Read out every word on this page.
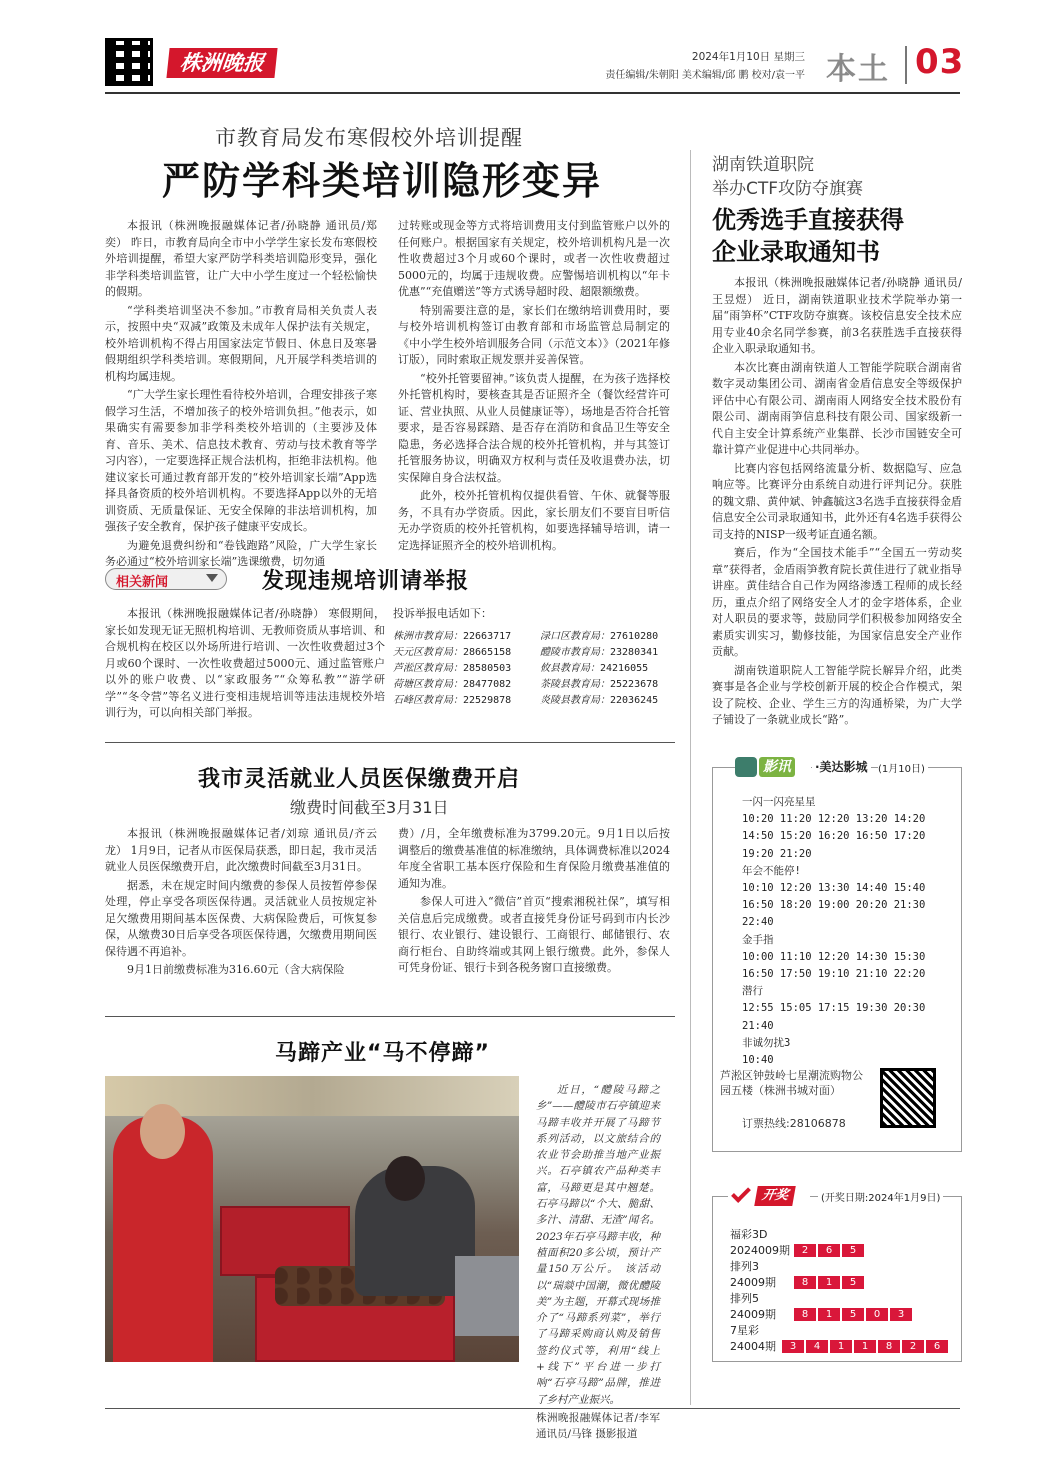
株洲晚报	2024年1月10日 星期三
责任编辑/朱朝阳 美术编辑/邱 鹏 校对/袁一平 本土 03
市教育局发布寒假校外培训提醒
严防学科类培训隐形变异

本报讯（株洲晚报融媒体记者/孙晓静 通讯员/郑奕） 昨日，市教育局向全市中小学学生家长发布寒假校外培训提醒，希望大家严防学科类培训隐形变异，强化非学科类培训监管，让广大中小学生度过一个轻松愉快的假期。

“学科类培训坚决不参加。”市教育局相关负责人表示，按照中央“双减”政策及未成年人保护法有关规定，校外培训机构不得占用国家法定节假日、休息日及寒暑假期组织学科类培训。寒假期间，凡开展学科类培训的机构均属违规。

“广大学生家长理性看待校外培训，合理安排孩子寒假学习生活，不增加孩子的校外培训负担。”他表示，如果确实有需要参加非学科类校外培训的（主要涉及体育、音乐、美术、信息技术教育、劳动与技术教育等学习内容），一定要选择正规合法机构，拒绝非法机构。他建议家长可通过教育部开发的“校外培训家长端”App选择具备资质的校外培训机构。不要选择App以外的无培训资质、无质量保证、无安全保障的非法培训机构，加强孩子安全教育，保护孩子健康平安成长。

为避免退费纠纷和“卷钱跑路”风险，广大学生家长务必通过“校外培训家长端”选课缴费，切勿通

过转账或现金等方式将培训费用支付到监管账户以外的任何账户。根据国家有关规定，校外培训机构凡是一次性收费超过3个月或60个课时，或者一次性收费超过5000元的，均属于违规收费。应警惕培训机构以“年卡优惠”“充值赠送”等方式诱导超时段、超限额缴费。

特别需要注意的是，家长们在缴纳培训费用时，要与校外培训机构签订由教育部和市场监管总局制定的《中小学生校外培训服务合同（示范文本）》（2021年修订版），同时索取正规发票并妥善保管。

“校外托管要留神。”该负责人提醒，在为孩子选择校外托管机构时，要核查其是否证照齐全（餐饮经营许可证、营业执照、从业人员健康证等），场地是否符合托管要求，是否容易踩踏、是否存在消防和食品卫生等安全隐患，务必选择合法合规的校外托管机构，并与其签订托管服务协议，明确双方权利与责任及收退费办法，切实保障自身合法权益。

此外，校外托管机构仅提供看管、午休、就餐等服务，不具有办学资质。因此，家长朋友们不要盲目听信无办学资质的校外托管机构，如要选择辅导培训，请一定选择证照齐全的校外培训机构。

相关新闻	发现违规培训请举报

本报讯（株洲晚报融媒体记者/孙晓静） 寒假期间，家长如发现无证无照机构培训、无教师资质从事培训、和合规机构在校区以外场所进行培训、一次性收费超过3个月或60个课时、一次性收费超过5000元、通过监管账户以外的账户收费、以“家政服务”“众筹私教”“游学研学”“冬令营”等名义进行变相违规培训等违法违规校外培训行为，可以向相关部门举报。

投诉举报电话如下：
株洲市教育局：22663717	渌口区教育局：27610280
天元区教育局：28665158	醴陵市教育局：23280341
芦淞区教育局：28580503	攸县教育局：24216055
荷塘区教育局：28477082	茶陵县教育局：25223678
石峰区教育局：22529878	炎陵县教育局：22036245
我市灵活就业人员医保缴费开启
缴费时间截至3月31日

本报讯（株洲晚报融媒体记者/刘琼 通讯员/齐云龙） 1月9日，记者从市医保局获悉，即日起，我市灵活就业人员医保缴费开启，此次缴费时间截至3月31日。

据悉，未在规定时间内缴费的参保人员按暂停参保处理，停止享受各项医保待遇。灵活就业人员按规定补足欠缴费用期间基本医保费、大病保险费后，可恢复参保，从缴费30日后享受各项医保待遇，欠缴费用期间医保待遇不再追补。

9月1日前缴费标准为316.60元（含大病保险

费）/月，全年缴费标准为3799.20元。9月1日以后按调整后的缴费基准值的标准缴纳，具体调费标准以2024年度全省职工基本医疗保险和生育保险月缴费基准值的通知为准。

参保人可进入“微信”首页“搜索湘税社保”，填写相关信息后完成缴费。或者直接凭身份证号码到市内长沙银行、农业银行、建设银行、工商银行、邮储银行、农商行柜台、自助终端或其网上银行缴费。此外，参保人可凭身份证、银行卡到各税务窗口直接缴费。

马蹄产业“马不停蹄”

近日，“醴陵马蹄之乡”——醴陵市石亭镇迎来马蹄丰收并开展了马蹄节系列活动，以文旅结合的农业节会助推当地产业振兴。石亭镇农产品种类丰富，马蹄更是其中翘楚。石亭马蹄以“个大、脆甜、多汁、清甜、无渣”闻名。2023年石亭马蹄丰收，种植面积20多公顷，预计产量150万公斤。 该活动以“瑞燚中国潮，微优醴陵美”为主题，开幕式现场推介了“马蹄系列菜”，举行了马蹄采购商认购及销售签约仪式等，利用“线上+线下”平台进一步打响“石亭马蹄”品牌，推进了乡村产业振兴。

株洲晚报融媒体记者/李军 通讯员/马锋 摄影报道

湖南铁道职院
举办CTF攻防夺旗赛
优秀选手直接获得
企业录取通知书

本报讯（株洲晚报融媒体记者/孙晓静 通讯员/王昱煜） 近日，湖南铁道职业技术学院举办第一届“雨笋杯”CTF攻防夺旗赛。该校信息安全技术应用专业40余名同学参赛，前3名获胜选手直接获得企业入职录取通知书。

本次比赛由湖南铁道人工智能学院联合湖南省数字灵动集团公司、湖南省金盾信息安全等级保护评估中心有限公司、湖南雨人网络安全技术股份有限公司、湖南雨笋信息科技有限公司、国家级新一代自主安全计算系统产业集群、长沙市国链安全可靠计算产业促进中心共同举办。

比赛内容包括网络流量分析、数据隐写、应急响应等。比赛评分由系统自动进行评判记分。获胜的魏文鼎、黄仲斌、钟鑫毓这3名选手直接获得金盾信息安全公司录取通知书，此外还有4名选手获得公司支持的NISP一级考证直通名额。

赛后，作为“全国技术能手”“全国五一劳动奖章”获得者，金盾雨笋教育院长黄佳进行了就业指导讲座。黄佳结合自己作为网络渗透工程师的成长经历，重点介绍了网络安全人才的金字塔体系，企业对人职员的要求等，鼓励同学们积极参加网络安全素质实训实习，勤修技能，为国家信息安全产业作贡献。

湖南铁道职院人工智能学院长解异介绍，此类赛事是各企业与学校创新开展的校企合作模式，架设了院校、企业、学生三方的沟通桥梁，为广大学子铺设了一条就业成长“路”。

影讯	·美达影城	(1月10日)
一闪一闪亮星星
10:20 11:20 12:20 13:20 14:20
14:50 15:20 16:20 16:50 17:20
19:20 21:20
年会不能停!
10:10 12:20 13:30 14:40 15:40
16:50 18:20 19:00 20:20 21:30
22:40
金手指
10:00 11:10 12:20 14:30 15:30
16:50 17:50 19:10 21:10 22:20
潜行
12:55 15:05 17:15 19:30 20:30
21:40
非诚勿扰3
10:40
芦淞区钟鼓岭七星潮流购物公园五楼（株洲书城对面）
订票热线:28106878
开奖	(开奖日期:2024年1月9日)
福彩3D
2024009期	2	6	5
排列3
24009期	8	1	5
排列5
24009期	8	1	5	0	3
7星彩
24004期	3	4	1	1	8	2	6
